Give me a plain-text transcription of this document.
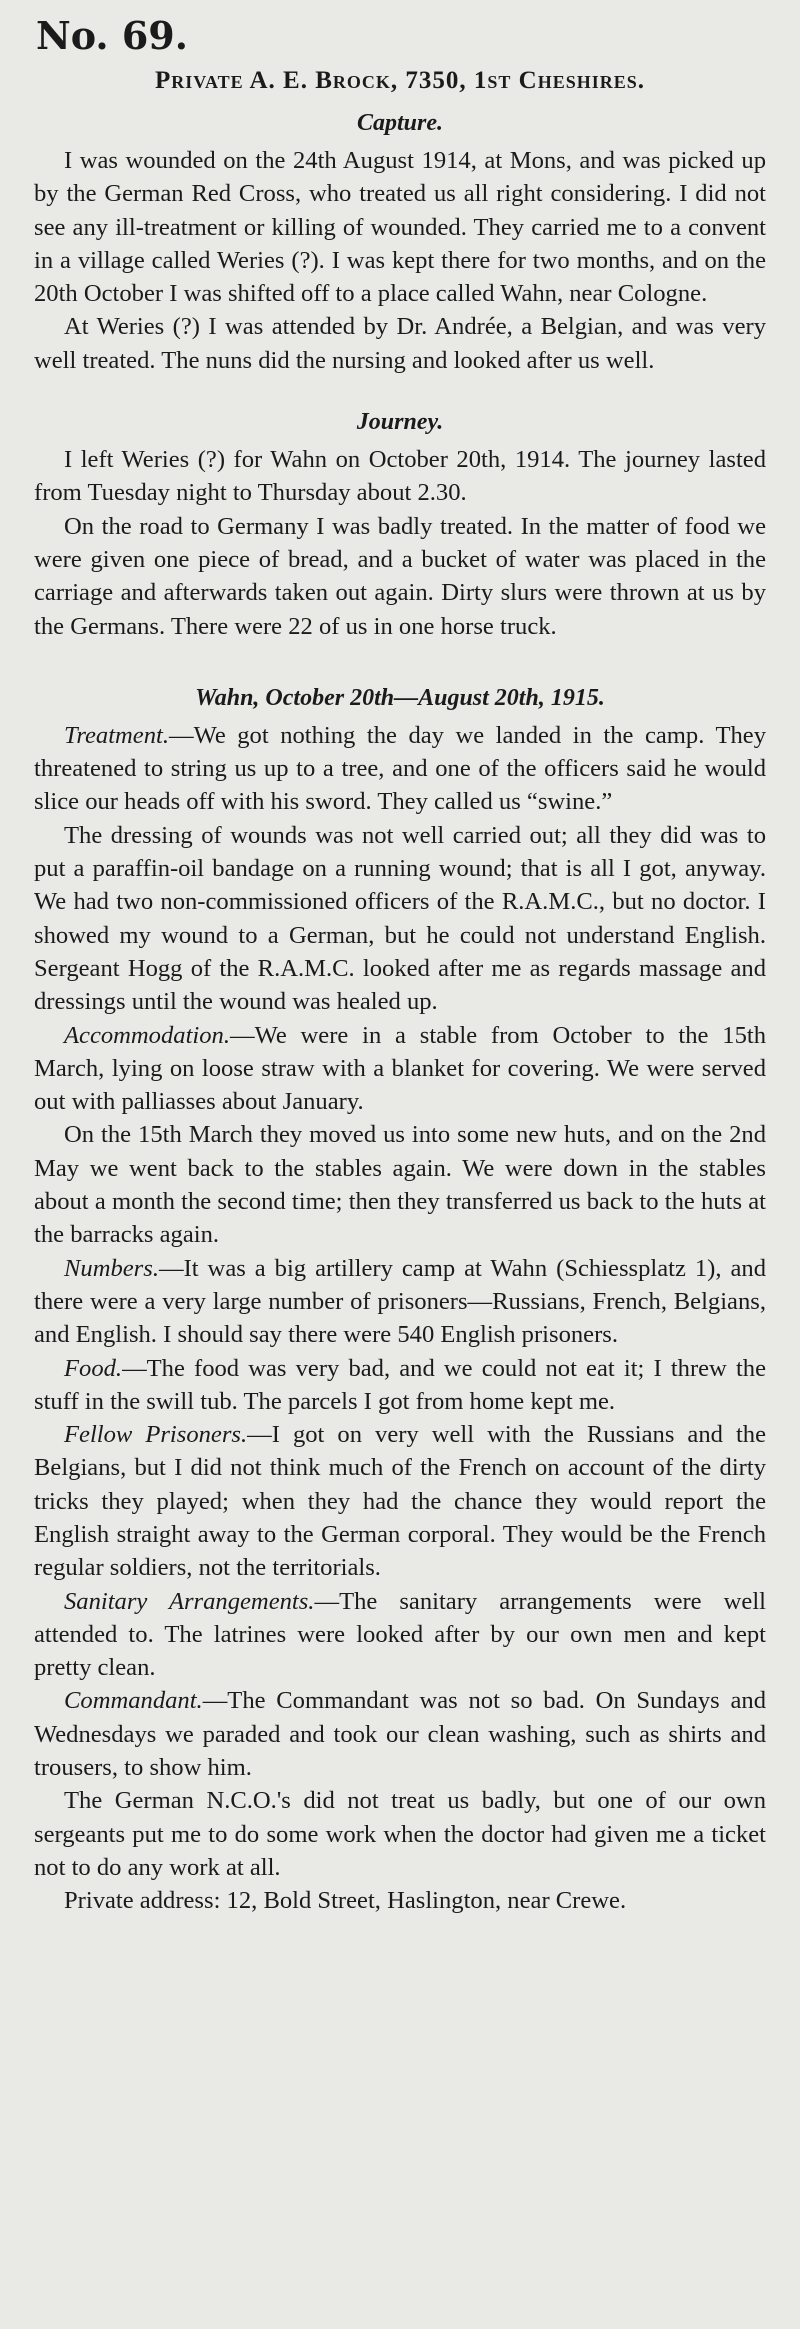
No. 69.
Private A. E. Brock, 7350, 1st Cheshires.
Capture.

I was wounded on the 24th August 1914, at Mons, and was picked up by the German Red Cross, who treated us all right considering. I did not see any ill-treatment or killing of wounded. They carried me to a convent in a village called Weries (?). I was kept there for two months, and on the 20th October I was shifted off to a place called Wahn, near Cologne.

At Weries (?) I was attended by Dr. Andrée, a Belgian, and was very well treated. The nuns did the nursing and looked after us well.

Journey.

I left Weries (?) for Wahn on October 20th, 1914. The journey lasted from Tuesday night to Thursday about 2.30.

On the road to Germany I was badly treated. In the matter of food we were given one piece of bread, and a bucket of water was placed in the carriage and afterwards taken out again. Dirty slurs were thrown at us by the Germans. There were 22 of us in one horse truck.

Wahn, October 20th—August 20th, 1915.

Treatment.—We got nothing the day we landed in the camp. They threatened to string us up to a tree, and one of the officers said he would slice our heads off with his sword. They called us “swine.”

The dressing of wounds was not well carried out; all they did was to put a paraffin-oil bandage on a running wound; that is all I got, anyway. We had two non-commissioned officers of the R.A.M.C., but no doctor. I showed my wound to a German, but he could not understand English. Sergeant Hogg of the R.A.M.C. looked after me as regards massage and dressings until the wound was healed up.

Accommodation.—We were in a stable from October to the 15th March, lying on loose straw with a blanket for covering. We were served out with palliasses about January.

On the 15th March they moved us into some new huts, and on the 2nd May we went back to the stables again. We were down in the stables about a month the second time; then they transferred us back to the huts at the barracks again.

Numbers.—It was a big artillery camp at Wahn (Schiessplatz 1), and there were a very large number of prisoners—Russians, French, Belgians, and English. I should say there were 540 English prisoners.

Food.—The food was very bad, and we could not eat it; I threw the stuff in the swill tub. The parcels I got from home kept me.

Fellow Prisoners.—I got on very well with the Russians and the Belgians, but I did not think much of the French on account of the dirty tricks they played; when they had the chance they would report the English straight away to the German corporal. They would be the French regular soldiers, not the territorials.

Sanitary Arrangements.—The sanitary arrangements were well attended to. The latrines were looked after by our own men and kept pretty clean.

Commandant.—The Commandant was not so bad. On Sundays and Wednesdays we paraded and took our clean washing, such as shirts and trousers, to show him.

The German N.C.O.'s did not treat us badly, but one of our own sergeants put me to do some work when the doctor had given me a ticket not to do any work at all.

Private address: 12, Bold Street, Haslington, near Crewe.
